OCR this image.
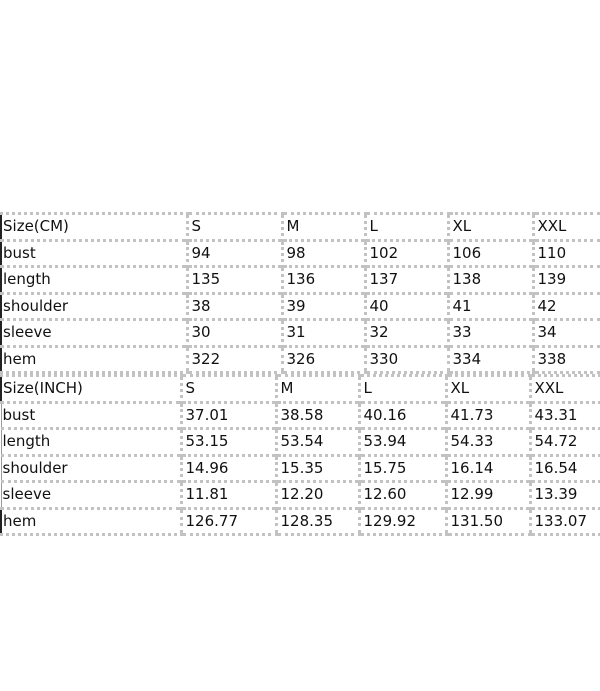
Size(CM)	S	M	L	XL	XXL
bust	94	98	102	106	110
length	135	136	137	138	139
shoulder	38	39	40	41	42
sleeve	30	31	32	33	34
hem	322	326	330	334	338
Size(INCH)	S	M	L	XL	XXL
bust	37.01	38.58	40.16	41.73	43.31
length	53.15	53.54	53.94	54.33	54.72
shoulder	14.96	15.35	15.75	16.14	16.54
sleeve	11.81	12.20	12.60	12.99	13.39
hem	126.77	128.35	129.92	131.50	133.07
